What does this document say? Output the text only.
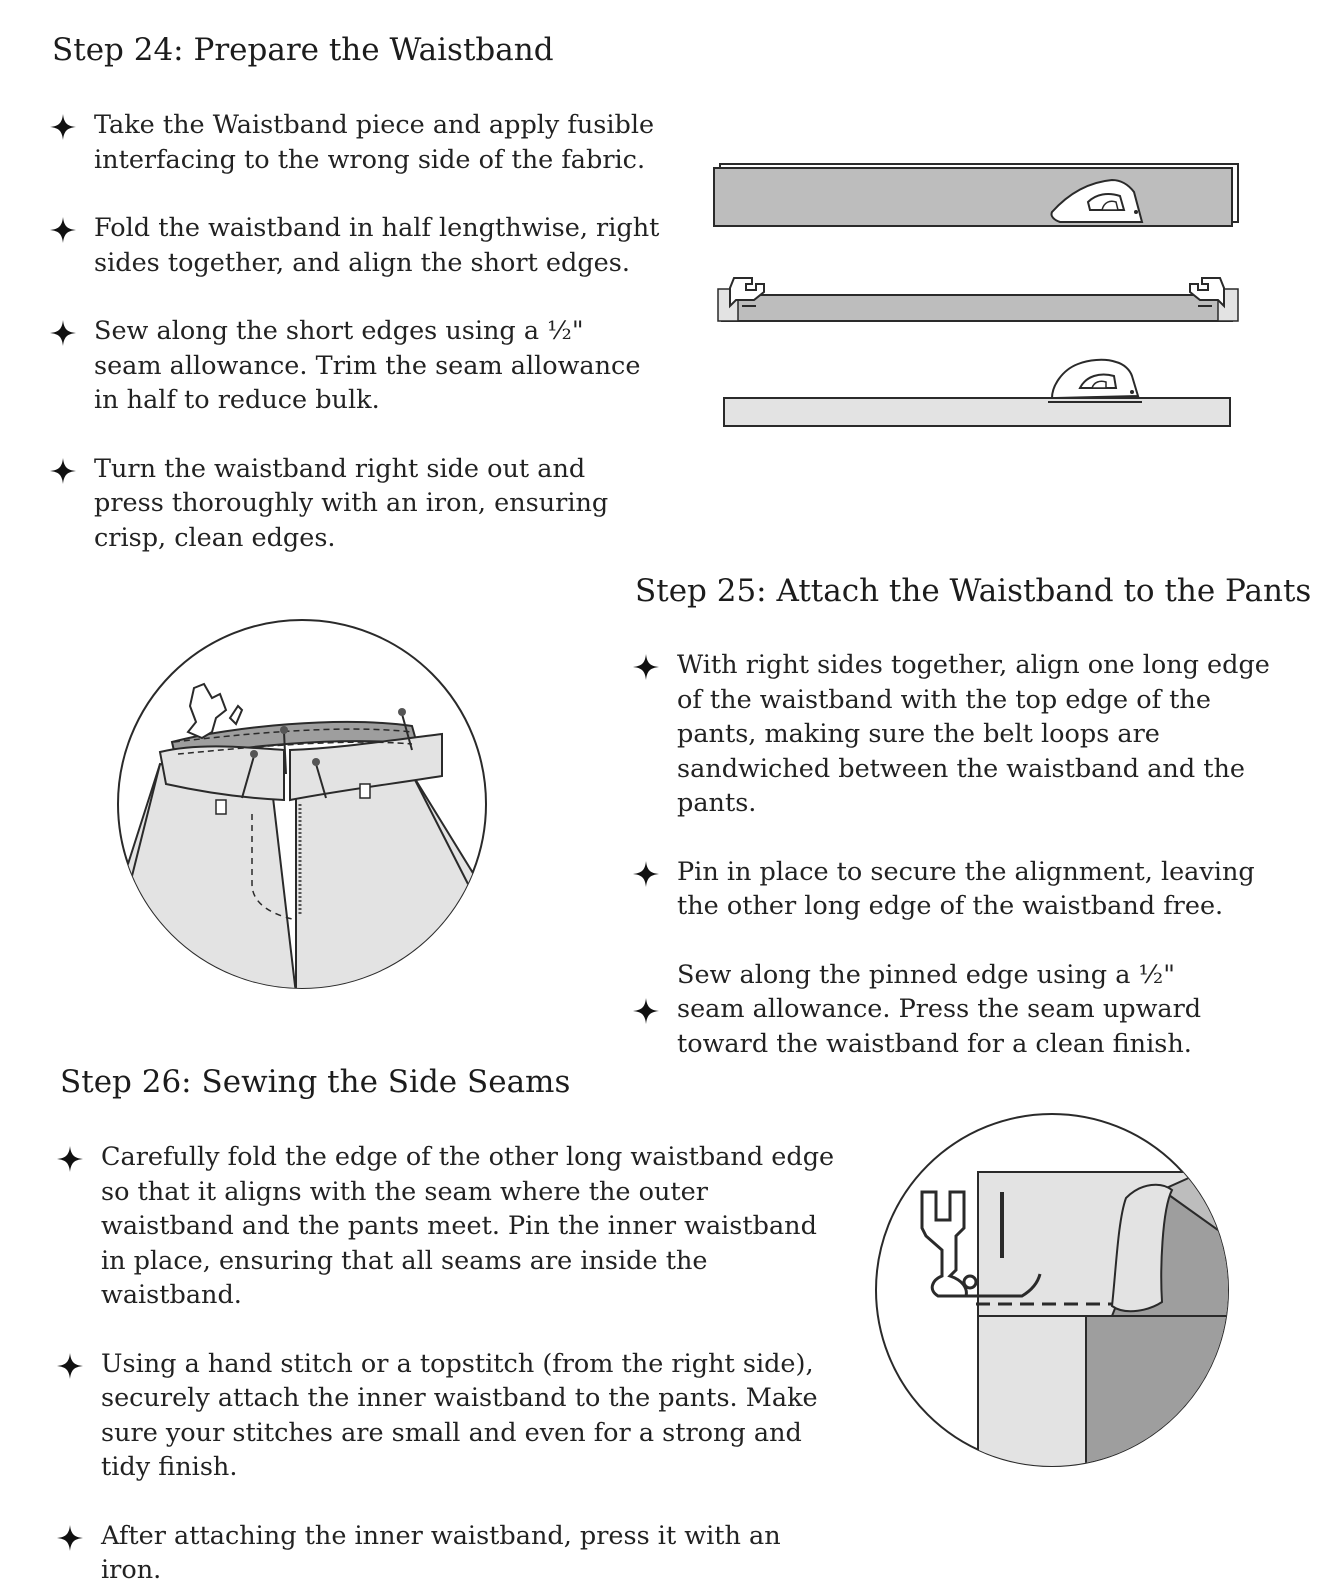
Step 24: Prepare the Waistband
Take the Waistband piece and apply fusible interfacing to the wrong side of the fabric.
Fold the waistband in half lengthwise, right sides together, and align the short edges.
Sew along the short edges using a ½" seam allowance. Trim the seam allowance in half to reduce bulk.
Turn the waistband right side out and press thoroughly with an iron, ensuring crisp, clean edges.
Step 25: Attach the Waistband to the Pants
With right sides together, align one long edge of the waistband with the top edge of the pants, making sure the belt loops are sandwiched between the waistband and the pants.
Pin in place to secure the alignment, leaving the other long edge of the waistband free.
Sew along the pinned edge using a ½" seam allowance. Press the seam upward toward the waistband for a clean finish.
Step 26: Sewing the Side Seams
Carefully fold the edge of the other long waistband edge so that it aligns with the seam where the outer waistband and the pants meet. Pin the inner waistband in place, ensuring that all seams are inside the waistband.
Using a hand stitch or a topstitch (from the right side), securely attach the inner waistband to the pants. Make sure your stitches are small and even for a strong and tidy finish.
After attaching the inner waistband, press it with an iron.
